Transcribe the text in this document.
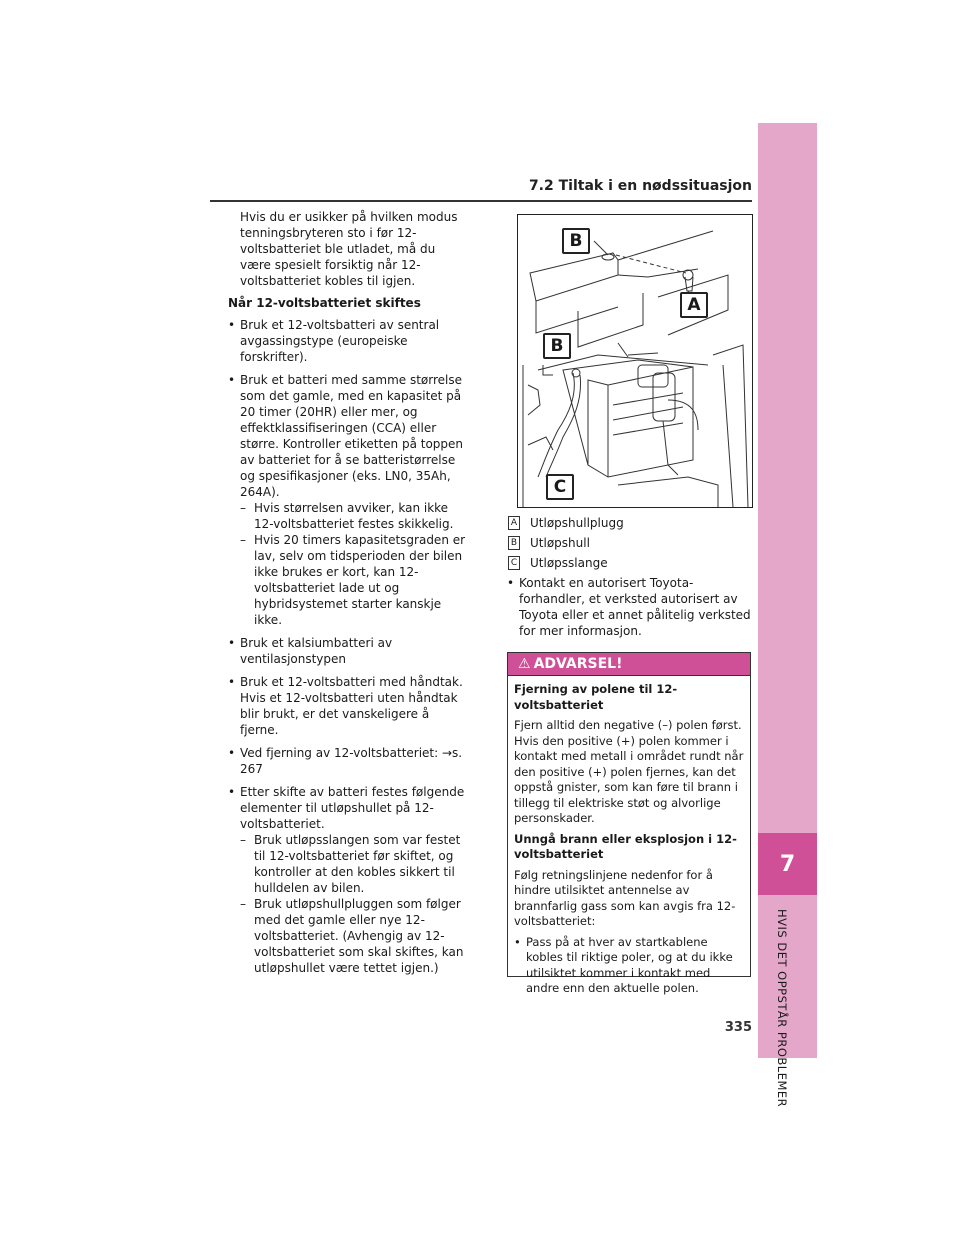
7.2 Tiltak i en nødssituasjon
7
HVIS DET OPPSTÅR PROBLEMER

Hvis du er usikker på hvilken modus tenningsbryteren sto i før 12-voltsbatteriet ble utladet, må du være spesielt forsiktig når 12-voltsbatteriet kobles til igjen.

Når 12-voltsbatteriet skiftes

• Bruk et 12-voltsbatteri av sentral avgassingstype (europeiske forskrifter).
• Bruk et batteri med samme størrelse som det gamle, med en kapasitet på 20 timer (20HR) eller mer, og effektklassifiseringen (CCA) eller større. Kontroller etiketten på toppen av batteriet for å se batteristørrelse og spesifikasjoner (eks. LN0, 35Ah, 264A).
– Hvis størrelsen avviker, kan ikke 12-voltsbatteriet festes skikkelig.
– Hvis 20 timers kapasitetsgraden er lav, selv om tidsperioden der bilen ikke brukes er kort, kan 12-voltsbatteriet lade ut og hybridsystemet starter kanskje ikke.
• Bruk et kalsiumbatteri av ventilasjonstypen
• Bruk et 12-voltsbatteri med håndtak. Hvis et 12-voltsbatteri uten håndtak blir brukt, er det vanskeligere å fjerne.
• Ved fjerning av 12-voltsbatteriet: →s. 267
• Etter skifte av batteri festes følgende elementer til utløpshullet på 12-voltsbatteriet.
– Bruk utløpsslangen som var festet til 12-voltsbatteriet før skiftet, og kontroller at den kobles sikkert til hulldelen av bilen.
– Bruk utløpshullpluggen som følger med det gamle eller nye 12-voltsbatteriet. (Avhengig av 12-voltsbatteriet som skal skiftes, kan utløpshullet være tettet igjen.)
B
A
B
C
A Utløpshullplugg
B Utløpshull
C Utløpsslange
• Kontakt en autorisert Toyota-forhandler, et verksted autorisert av Toyota eller et annet pålitelig verksted for mer informasjon.
⚠ ADVARSEL!

Fjerning av polene til 12-voltsbatteriet

Fjern alltid den negative (–) polen først. Hvis den positive (+) polen kommer i kontakt med metall i området rundt når den positive (+) polen fjernes, kan det oppstå gnister, som kan føre til brann i tillegg til elektriske støt og alvorlige personskader.

Unngå brann eller eksplosjon i 12-voltsbatteriet

Følg retningslinjene nedenfor for å hindre utilsiktet antennelse av brannfarlig gass som kan avgis fra 12-voltsbatteriet:

• Pass på at hver av startkablene kobles til riktige poler, og at du ikke utilsiktet kommer i kontakt med andre enn den aktuelle polen.
335
